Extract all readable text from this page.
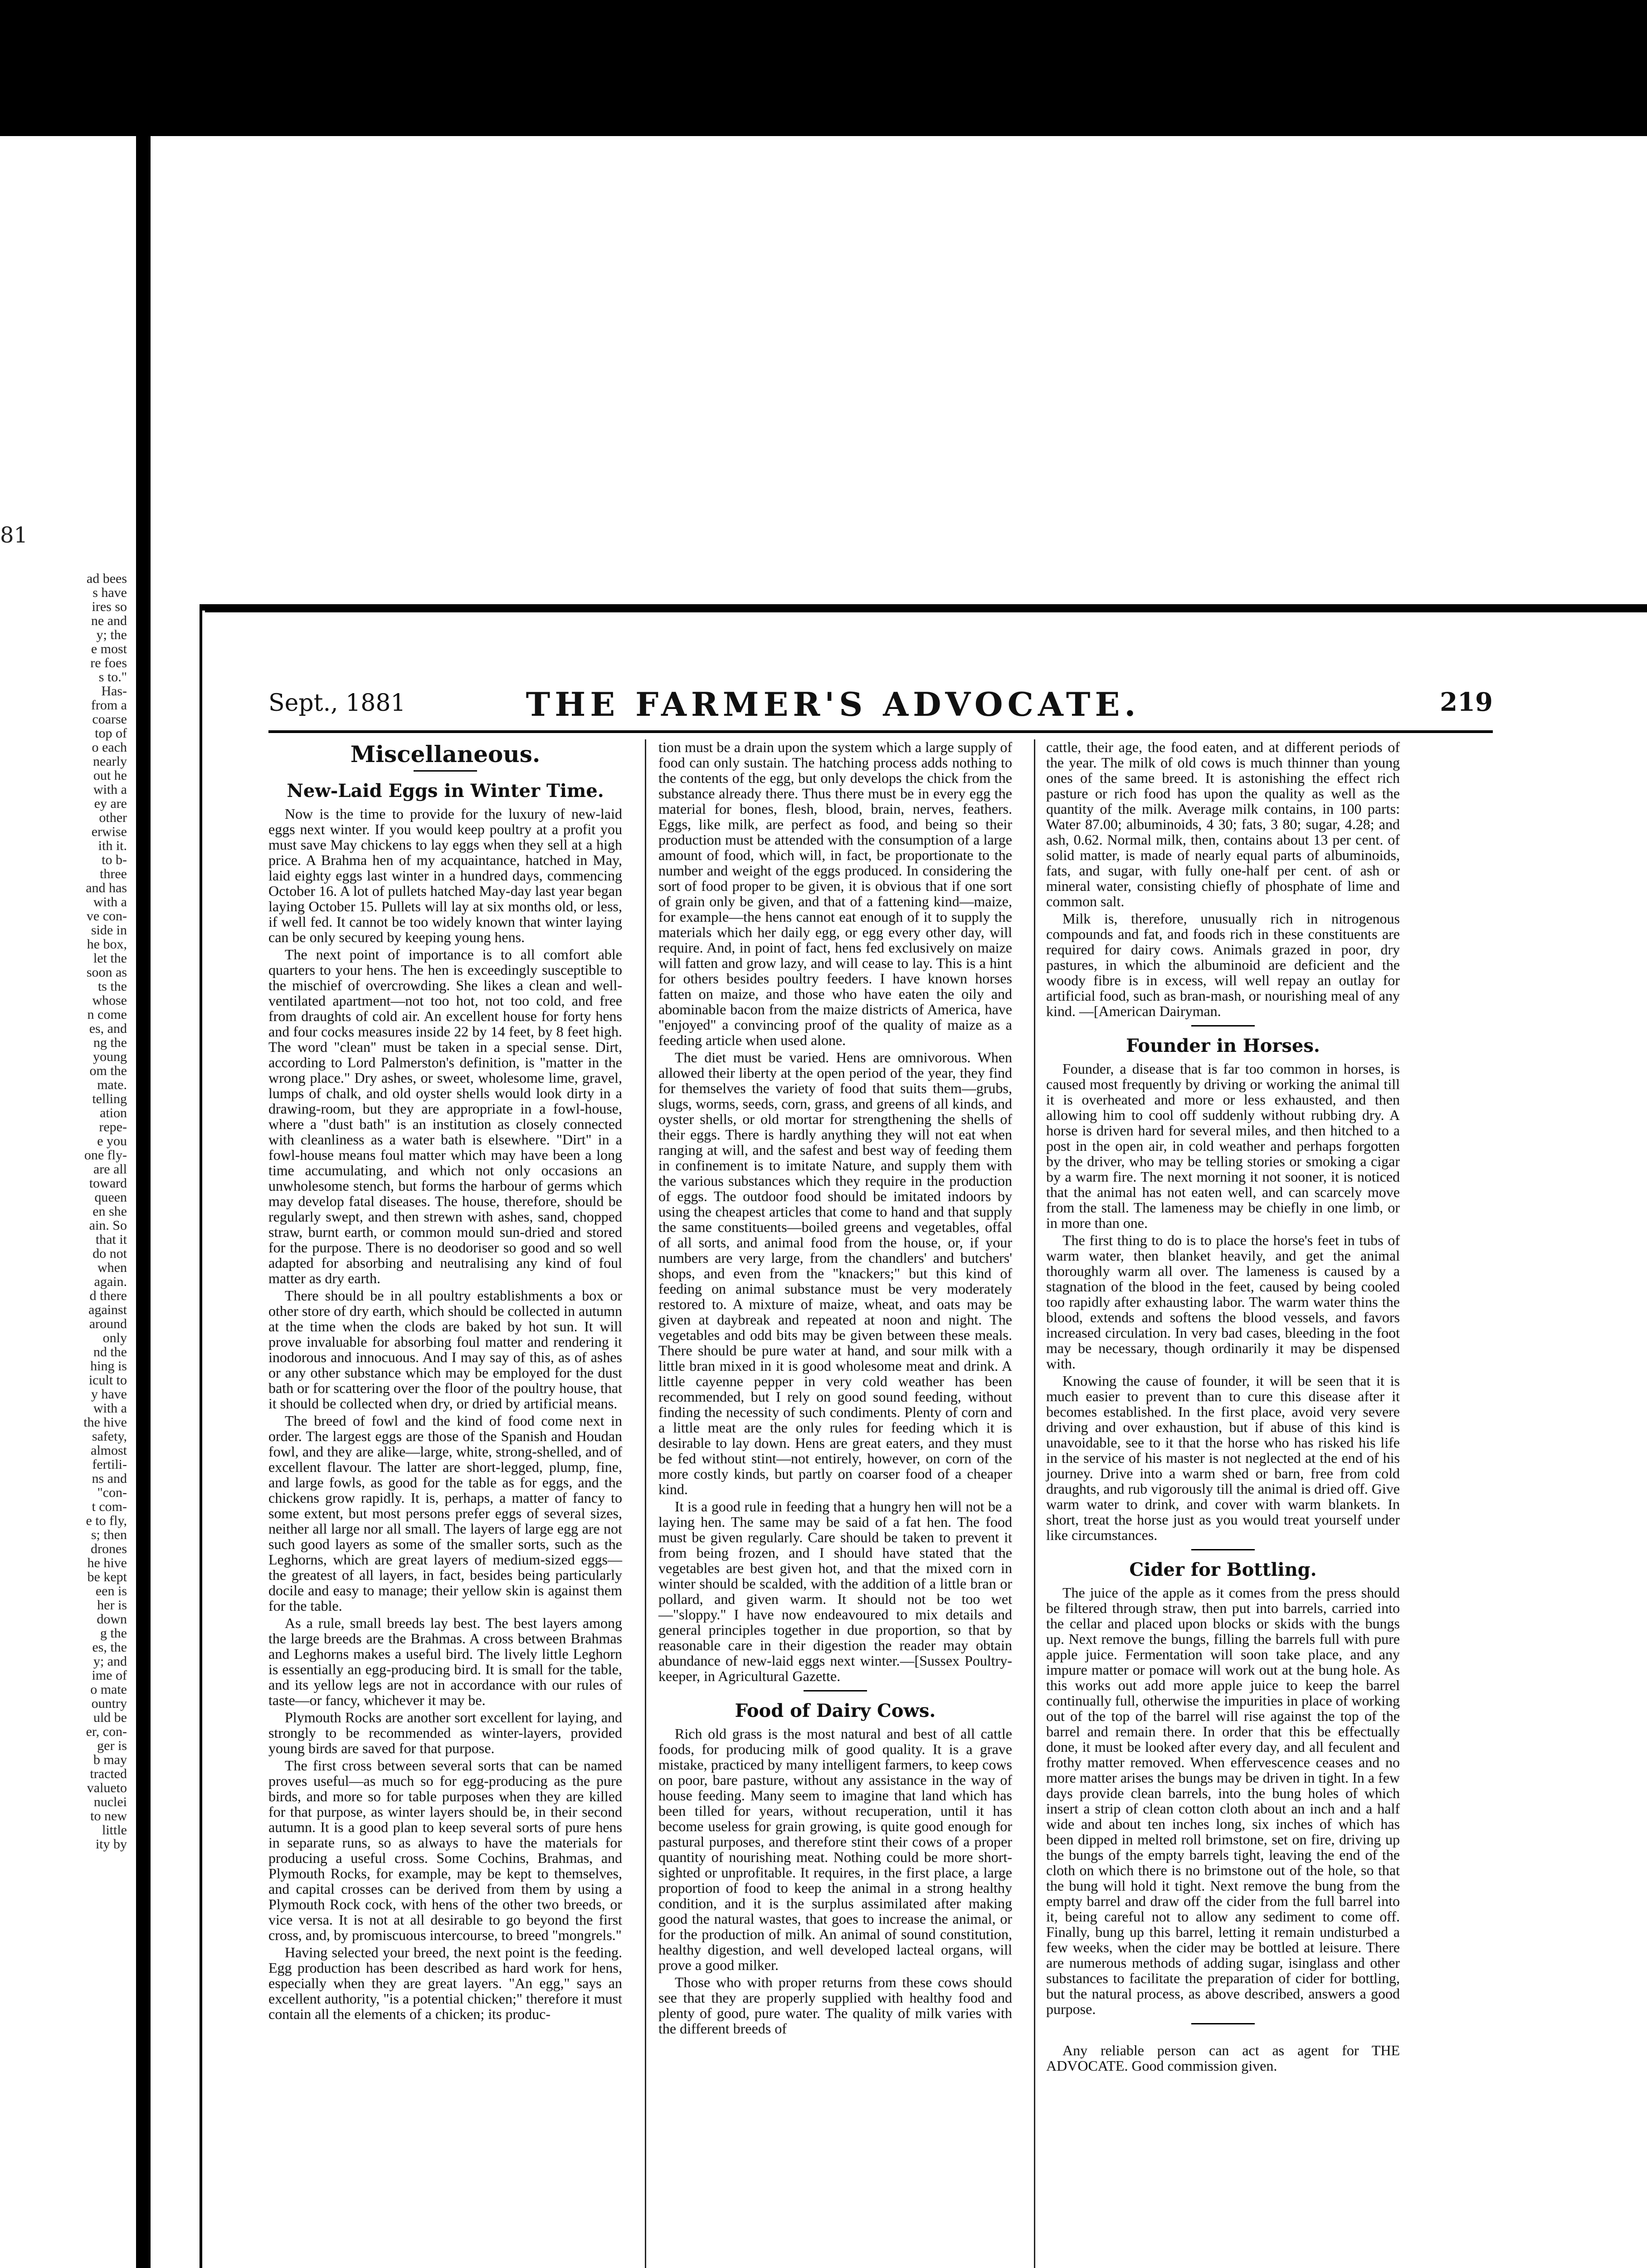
81
ad bees
s have
ires so
ne and
y; the
e most
re foes
s to."
Has-
from a
coarse
top of
o each
nearly
out he
with a
ey are
other
erwise
ith it.
to b-
three
and has
with a
ve con-
side in
he box,
let the
soon as
ts the
whose
n come
es, and
ng the
young
om the
mate.
telling
ation
repe-
e you
one fly-
are all
toward
queen
en she
ain. So
that it
do not
when
again.
d there
against
around
only
nd the
hing is
icult to
y have
with a
the hive
safety,
almost
fertili-
ns and
"con-
t com-
e to fly,
s; then
drones
he hive
be kept
een is
her is
down
g the
es, the
y; and
ime of
o mate
ountry
uld be
er, con-
ger is
b may
tracted
valueto
nuclei
to new
little
ity by
Sept., 1881	THE FARMER'S ADVOCATE.	219
Miscellaneous.
New-Laid Eggs in Winter Time.

Now is the time to provide for the luxury of new-laid eggs next winter. If you would keep poultry at a profit you must save May chickens to lay eggs when they sell at a high price. A Brahma hen of my acquaintance, hatched in May, laid eighty eggs last winter in a hundred days, commencing October 16. A lot of pullets hatched May-day last year began laying October 15. Pullets will lay at six months old, or less, if well fed. It cannot be too widely known that winter laying can be only secured by keeping young hens.

The next point of importance is to all comfort able quarters to your hens. The hen is exceedingly susceptible to the mischief of overcrowding. She likes a clean and well-ventilated apartment—not too hot, not too cold, and free from draughts of cold air. An excellent house for forty hens and four cocks measures inside 22 by 14 feet, by 8 feet high. The word "clean" must be taken in a special sense. Dirt, according to Lord Palmerston's definition, is "matter in the wrong place." Dry ashes, or sweet, wholesome lime, gravel, lumps of chalk, and old oyster shells would look dirty in a drawing-room, but they are appropriate in a fowl-house, where a "dust bath" is an institution as closely connected with cleanliness as a water bath is elsewhere. "Dirt" in a fowl-house means foul matter which may have been a long time accumulating, and which not only occasions an unwholesome stench, but forms the harbour of germs which may develop fatal diseases. The house, therefore, should be regularly swept, and then strewn with ashes, sand, chopped straw, burnt earth, or common mould sun-dried and stored for the purpose. There is no deodoriser so good and so well adapted for absorbing and neutralising any kind of foul matter as dry earth.

There should be in all poultry establishments a box or other store of dry earth, which should be collected in autumn at the time when the clods are baked by hot sun. It will prove invaluable for absorbing foul matter and rendering it inodorous and innocuous. And I may say of this, as of ashes or any other substance which may be employed for the dust bath or for scattering over the floor of the poultry house, that it should be collected when dry, or dried by artificial means.

The breed of fowl and the kind of food come next in order. The largest eggs are those of the Spanish and Houdan fowl, and they are alike—large, white, strong-shelled, and of excellent flavour. The latter are short-legged, plump, fine, and large fowls, as good for the table as for eggs, and the chickens grow rapidly. It is, perhaps, a matter of fancy to some extent, but most persons prefer eggs of several sizes, neither all large nor all small. The layers of large egg are not such good layers as some of the smaller sorts, such as the Leghorns, which are great layers of medium-sized eggs—the greatest of all layers, in fact, besides being particularly docile and easy to manage; their yellow skin is against them for the table.

As a rule, small breeds lay best. The best layers among the large breeds are the Brahmas. A cross between Brahmas and Leghorns makes a useful bird. The lively little Leghorn is essentially an egg-producing bird. It is small for the table, and its yellow legs are not in accordance with our rules of taste—or fancy, whichever it may be.

Plymouth Rocks are another sort excellent for laying, and strongly to be recommended as winter-layers, provided young birds are saved for that purpose.

The first cross between several sorts that can be named proves useful—as much so for egg-producing as the pure birds, and more so for table purposes when they are killed for that purpose, as winter layers should be, in their second autumn. It is a good plan to keep several sorts of pure hens in separate runs, so as always to have the materials for producing a useful cross. Some Cochins, Brahmas, and Plymouth Rocks, for example, may be kept to themselves, and capital crosses can be derived from them by using a Plymouth Rock cock, with hens of the other two breeds, or vice versa. It is not at all desirable to go beyond the first cross, and, by promiscuous intercourse, to breed "mongrels."

Having selected your breed, the next point is the feeding. Egg production has been described as hard work for hens, especially when they are great layers. "An egg," says an excellent authority, "is a potential chicken;" therefore it must contain all the elements of a chicken; its produc-

tion must be a drain upon the system which a large supply of food can only sustain. The hatching process adds nothing to the contents of the egg, but only develops the chick from the substance already there. Thus there must be in every egg the material for bones, flesh, blood, brain, nerves, feathers. Eggs, like milk, are perfect as food, and being so their production must be attended with the consumption of a large amount of food, which will, in fact, be proportionate to the number and weight of the eggs produced. In considering the sort of food proper to be given, it is obvious that if one sort of grain only be given, and that of a fattening kind—maize, for example—the hens cannot eat enough of it to supply the materials which her daily egg, or egg every other day, will require. And, in point of fact, hens fed exclusively on maize will fatten and grow lazy, and will cease to lay. This is a hint for others besides poultry feeders. I have known horses fatten on maize, and those who have eaten the oily and abominable bacon from the maize districts of America, have "enjoyed" a convincing proof of the quality of maize as a feeding article when used alone.

The diet must be varied. Hens are omnivorous. When allowed their liberty at the open period of the year, they find for themselves the variety of food that suits them—grubs, slugs, worms, seeds, corn, grass, and greens of all kinds, and oyster shells, or old mortar for strengthening the shells of their eggs. There is hardly anything they will not eat when ranging at will, and the safest and best way of feeding them in confinement is to imitate Nature, and supply them with the various substances which they require in the production of eggs. The outdoor food should be imitated indoors by using the cheapest articles that come to hand and that supply the same constituents—boiled greens and vegetables, offal of all sorts, and animal food from the house, or, if your numbers are very large, from the chandlers' and butchers' shops, and even from the "knackers;" but this kind of feeding on animal substance must be very moderately restored to. A mixture of maize, wheat, and oats may be given at daybreak and repeated at noon and night. The vegetables and odd bits may be given between these meals. There should be pure water at hand, and sour milk with a little bran mixed in it is good wholesome meat and drink. A little cayenne pepper in very cold weather has been recommended, but I rely on good sound feeding, without finding the necessity of such condiments. Plenty of corn and a little meat are the only rules for feeding which it is desirable to lay down. Hens are great eaters, and they must be fed without stint—not entirely, however, on corn of the more costly kinds, but partly on coarser food of a cheaper kind.

It is a good rule in feeding that a hungry hen will not be a laying hen. The same may be said of a fat hen. The food must be given regularly. Care should be taken to prevent it from being frozen, and I should have stated that the vegetables are best given hot, and that the mixed corn in winter should be scalded, with the addition of a little bran or pollard, and given warm. It should not be too wet—"sloppy." I have now endeavoured to mix details and general principles together in due proportion, so that by reasonable care in their digestion the reader may obtain abundance of new-laid eggs next winter.—[Sussex Poultry-keeper, in Agricultural Gazette.

Food of Dairy Cows.

Rich old grass is the most natural and best of all cattle foods, for producing milk of good quality. It is a grave mistake, practiced by many intelligent farmers, to keep cows on poor, bare pasture, without any assistance in the way of house feeding. Many seem to imagine that land which has been tilled for years, without recuperation, until it has become useless for grain growing, is quite good enough for pastural purposes, and therefore stint their cows of a proper quantity of nourishing meat. Nothing could be more short-sighted or unprofitable. It requires, in the first place, a large proportion of food to keep the animal in a strong healthy condition, and it is the surplus assimilated after making good the natural wastes, that goes to increase the animal, or for the production of milk. An animal of sound constitution, healthy digestion, and well developed lacteal organs, will prove a good milker.

Those who with proper returns from these cows should see that they are properly supplied with healthy food and plenty of good, pure water. The quality of milk varies with the different breeds of

cattle, their age, the food eaten, and at different periods of the year. The milk of old cows is much thinner than young ones of the same breed. It is astonishing the effect rich pasture or rich food has upon the quality as well as the quantity of the milk. Average milk contains, in 100 parts: Water 87.00; albuminoids, 4 30; fats, 3 80; sugar, 4.28; and ash, 0.62. Normal milk, then, contains about 13 per cent. of solid matter, is made of nearly equal parts of albuminoids, fats, and sugar, with fully one-half per cent. of ash or mineral water, consisting chiefly of phosphate of lime and common salt.

Milk is, therefore, unusually rich in nitrogenous compounds and fat, and foods rich in these constituents are required for dairy cows. Animals grazed in poor, dry pastures, in which the albuminoid are deficient and the woody fibre is in excess, will well repay an outlay for artificial food, such as bran-mash, or nourishing meal of any kind. —[American Dairyman.

Founder in Horses.

Founder, a disease that is far too common in horses, is caused most frequently by driving or working the animal till it is overheated and more or less exhausted, and then allowing him to cool off suddenly without rubbing dry. A horse is driven hard for several miles, and then hitched to a post in the open air, in cold weather and perhaps forgotten by the driver, who may be telling stories or smoking a cigar by a warm fire. The next morning it not sooner, it is noticed that the animal has not eaten well, and can scarcely move from the stall. The lameness may be chiefly in one limb, or in more than one.

The first thing to do is to place the horse's feet in tubs of warm water, then blanket heavily, and get the animal thoroughly warm all over. The lameness is caused by a stagnation of the blood in the feet, caused by being cooled too rapidly after exhausting labor. The warm water thins the blood, extends and softens the blood vessels, and favors increased circulation. In very bad cases, bleeding in the foot may be necessary, though ordinarily it may be dispensed with.

Knowing the cause of founder, it will be seen that it is much easier to prevent than to cure this disease after it becomes established. In the first place, avoid very severe driving and over exhaustion, but if abuse of this kind is unavoidable, see to it that the horse who has risked his life in the service of his master is not neglected at the end of his journey. Drive into a warm shed or barn, free from cold draughts, and rub vigorously till the animal is dried off. Give warm water to drink, and cover with warm blankets. In short, treat the horse just as you would treat yourself under like circumstances.

Cider for Bottling.

The juice of the apple as it comes from the press should be filtered through straw, then put into barrels, carried into the cellar and placed upon blocks or skids with the bungs up. Next remove the bungs, filling the barrels full with pure apple juice. Fermentation will soon take place, and any impure matter or pomace will work out at the bung hole. As this works out add more apple juice to keep the barrel continually full, otherwise the impurities in place of working out of the top of the barrel will rise against the top of the barrel and remain there. In order that this be effectually done, it must be looked after every day, and all feculent and frothy matter removed. When effervescence ceases and no more matter arises the bungs may be driven in tight. In a few days provide clean barrels, into the bung holes of which insert a strip of clean cotton cloth about an inch and a half wide and about ten inches long, six inches of which has been dipped in melted roll brimstone, set on fire, driving up the bungs of the empty barrels tight, leaving the end of the cloth on which there is no brimstone out of the hole, so that the bung will hold it tight. Next remove the bung from the empty barrel and draw off the cider from the full barrel into it, being careful not to allow any sediment to come off. Finally, bung up this barrel, letting it remain undisturbed a few weeks, when the cider may be bottled at leisure. There are numerous methods of adding sugar, isinglass and other substances to facilitate the preparation of cider for bottling, but the natural process, as above described, answers a good purpose.

Any reliable person can act as agent for THE ADVOCATE. Good commission given.
